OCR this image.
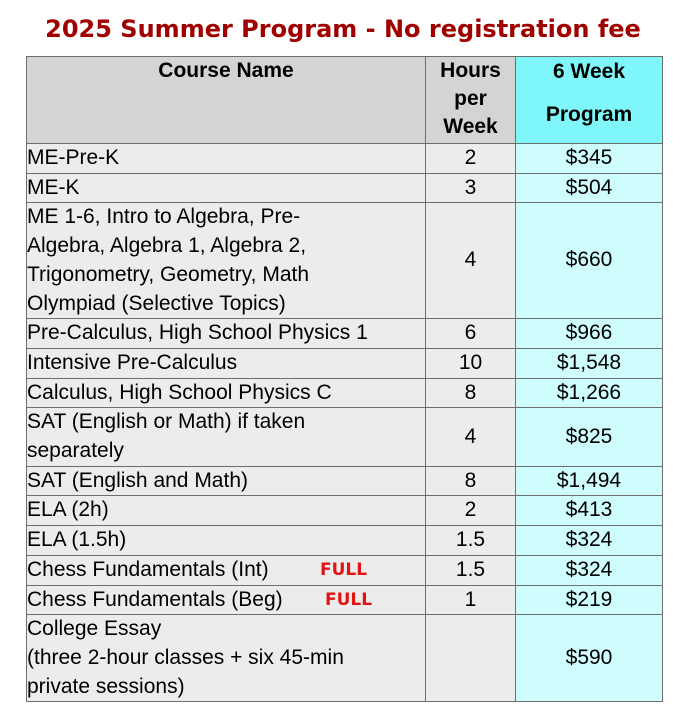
2025 Summer Program - No registration fee
Course Name	Hours
per
Week	6 Week
Program

ME-Pre-K	2	$345

ME-K	3	$504

ME 1-6, Intro to Algebra, Pre-
Algebra, Algebra 1, Algebra 2,
Trigonometry, Geometry, Math
Olympiad (Selective Topics)	4	$660

Pre-Calculus, High School Physics 1	6	$966

Intensive Pre-Calculus	10	$1,548

Calculus, High School Physics C	8	$1,266

SAT (English or Math) if taken
separately	4	$825

SAT (English and Math)	8	$1,494

ELA (2h)	2	$413

ELA (1.5h)	1.5	$324

Chess Fundamentals (Int) FULL	1.5	$324

Chess Fundamentals (Beg) FULL	1	$219

College Essay
(three 2-hour classes + six 45-min
private sessions)		$590
